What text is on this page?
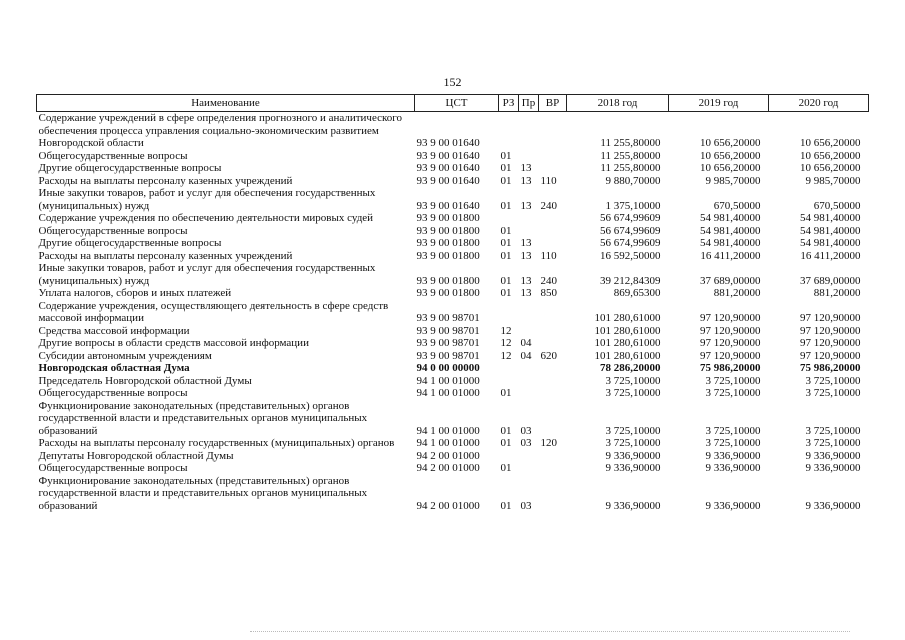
152
Наименование	ЦСТ	РЗ	Пр	ВР	2018 год	2019 год	2020 год
Содержание учреждений в сфере определения прогнозного и аналитического обеспечения процесса управления социально-экономическим развитием Новгородской области	93 9 00 01640				11 255,80000	10 656,20000	10 656,20000
Общегосударственные вопросы	93 9 00 01640	01			11 255,80000	10 656,20000	10 656,20000
Другие общегосударственные вопросы	93 9 00 01640	01	13		11 255,80000	10 656,20000	10 656,20000
Расходы на выплаты персоналу казенных учреждений	93 9 00 01640	01	13	110	9 880,70000	9 985,70000	9 985,70000
Иные закупки товаров, работ и услуг для обеспечения государственных (муниципальных) нужд	93 9 00 01640	01	13	240	1 375,10000	670,50000	670,50000
Содержание учреждения по обеспечению деятельности мировых судей	93 9 00 01800				56 674,99609	54 981,40000	54 981,40000
Общегосударственные вопросы	93 9 00 01800	01			56 674,99609	54 981,40000	54 981,40000
Другие общегосударственные вопросы	93 9 00 01800	01	13		56 674,99609	54 981,40000	54 981,40000
Расходы на выплаты персоналу казенных учреждений	93 9 00 01800	01	13	110	16 592,50000	16 411,20000	16 411,20000
Иные закупки товаров, работ и услуг для обеспечения государственных (муниципальных) нужд	93 9 00 01800	01	13	240	39 212,84309	37 689,00000	37 689,00000
Уплата налогов, сборов и иных платежей	93 9 00 01800	01	13	850	869,65300	881,20000	881,20000
Содержание учреждения, осуществляющего деятельность в сфере средств массовой информации	93 9 00 98701				101 280,61000	97 120,90000	97 120,90000
Средства массовой информации	93 9 00 98701	12			101 280,61000	97 120,90000	97 120,90000
Другие вопросы в области средств массовой информации	93 9 00 98701	12	04		101 280,61000	97 120,90000	97 120,90000
Субсидии автономным учреждениям	93 9 00 98701	12	04	620	101 280,61000	97 120,90000	97 120,90000
Новгородская областная Дума	94 0 00 00000				78 286,20000	75 986,20000	75 986,20000
Председатель Новгородской областной Думы	94 1 00 01000				3 725,10000	3 725,10000	3 725,10000
Общегосударственные вопросы	94 1 00 01000	01			3 725,10000	3 725,10000	3 725,10000
Функционирование законодательных (представительных) органов государственной власти и представительных органов муниципальных образований	94 1 00 01000	01	03		3 725,10000	3 725,10000	3 725,10000
Расходы на выплаты персоналу государственных (муниципальных) органов	94 1 00 01000	01	03	120	3 725,10000	3 725,10000	3 725,10000
Депутаты Новгородской областной Думы	94 2 00 01000				9 336,90000	9 336,90000	9 336,90000
Общегосударственные вопросы	94 2 00 01000	01			9 336,90000	9 336,90000	9 336,90000
Функционирование законодательных (представительных) органов государственной власти и представительных органов муниципальных образований	94 2 00 01000	01	03		9 336,90000	9 336,90000	9 336,90000
